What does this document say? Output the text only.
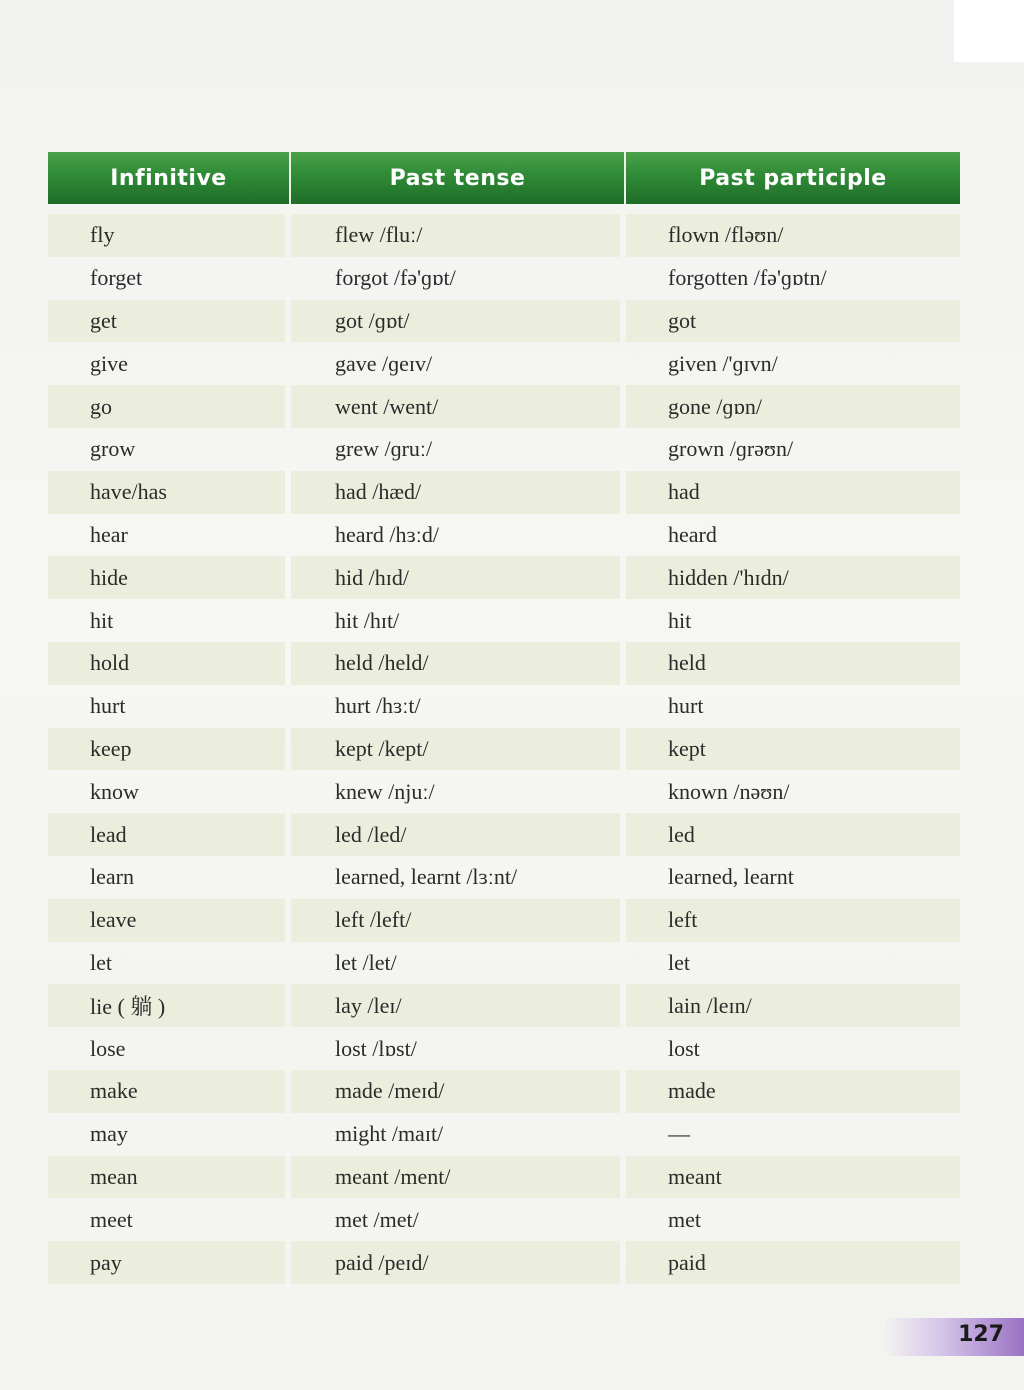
Infinitive	Past tense	Past participle
fly	flew /fluː/	flown /fləʊn/
forget	forgot /fə'ɡɒt/	forgotten /fə'ɡɒtn/
get	got /ɡɒt/	got
give	gave /ɡeɪv/	given /'ɡɪvn/
go	went /went/	gone /ɡɒn/
grow	grew /ɡruː/	grown /ɡrəʊn/
have/has	had /hæd/	had
hear	heard /hɜːd/	heard
hide	hid /hɪd/	hidden /'hɪdn/
hit	hit /hɪt/	hit
hold	held /held/	held
hurt	hurt /hɜːt/	hurt
keep	kept /kept/	kept
know	knew /njuː/	known /nəʊn/
lead	led /led/	led
learn	learned, learnt /lɜːnt/	learned, learnt
leave	left /left/	left
let	let /let/	let
lie ( 躺 )	lay /leɪ/	lain /leɪn/
lose	lost /lɒst/	lost
make	made /meɪd/	made
may	might /maɪt/	—
mean	meant /ment/	meant
meet	met /met/	met
pay	paid /peɪd/	paid
127
